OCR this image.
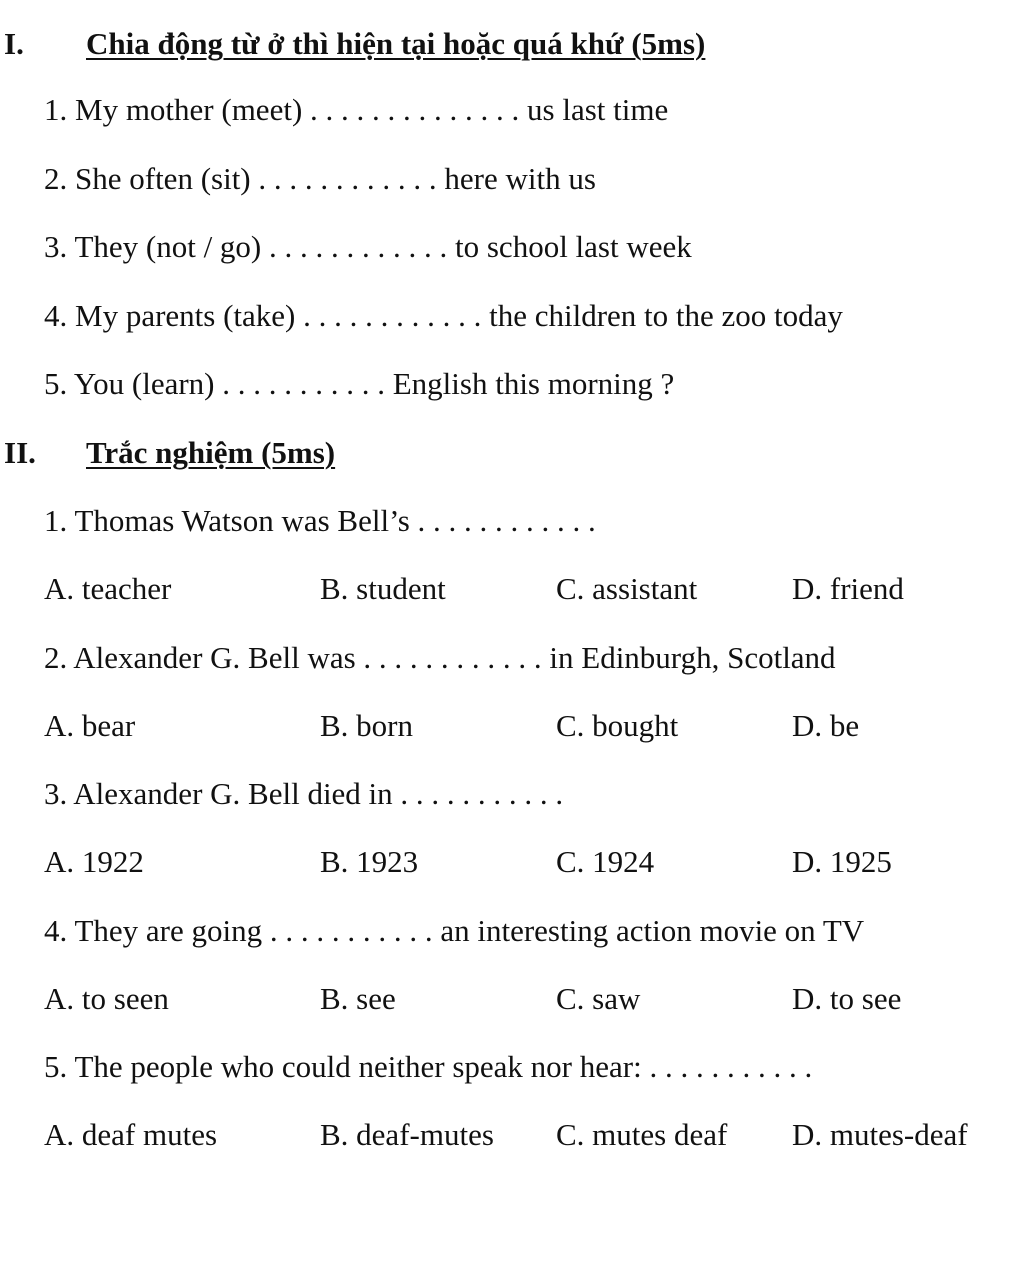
I. Chia động từ ở thì hiện tại hoặc quá khứ (5ms)
1. My mother (meet) . . . . . . . . . . . . . . us last time
2. She often (sit) . . . . . . . . . . . . here with us
3. They (not / go) . . . . . . . . . . . . to school last week
4. My parents (take) . . . . . . . . . . . . the children to the zoo today
5. You (learn) . . . . . . . . . . . English this morning ?
II. Trắc nghiệm (5ms)
1. Thomas Watson was Bell’s . . . . . . . . . . . .
A. teacher	B. student	C. assistant	D. friend
2. Alexander G. Bell was . . . . . . . . . . . . in Edinburgh, Scotland
A. bear	B. born	C. bought	D. be
3. Alexander G. Bell died in . . . . . . . . . . .
A. 1922	B. 1923	C. 1924	D. 1925
4. They are going . . . . . . . . . . . an interesting action movie on TV
A. to seen	B. see	C. saw	D. to see
5. The people who could neither speak nor hear: . . . . . . . . . . .
A. deaf mutes	B. deaf-mutes C. mutes deaf D. mutes-deaf
